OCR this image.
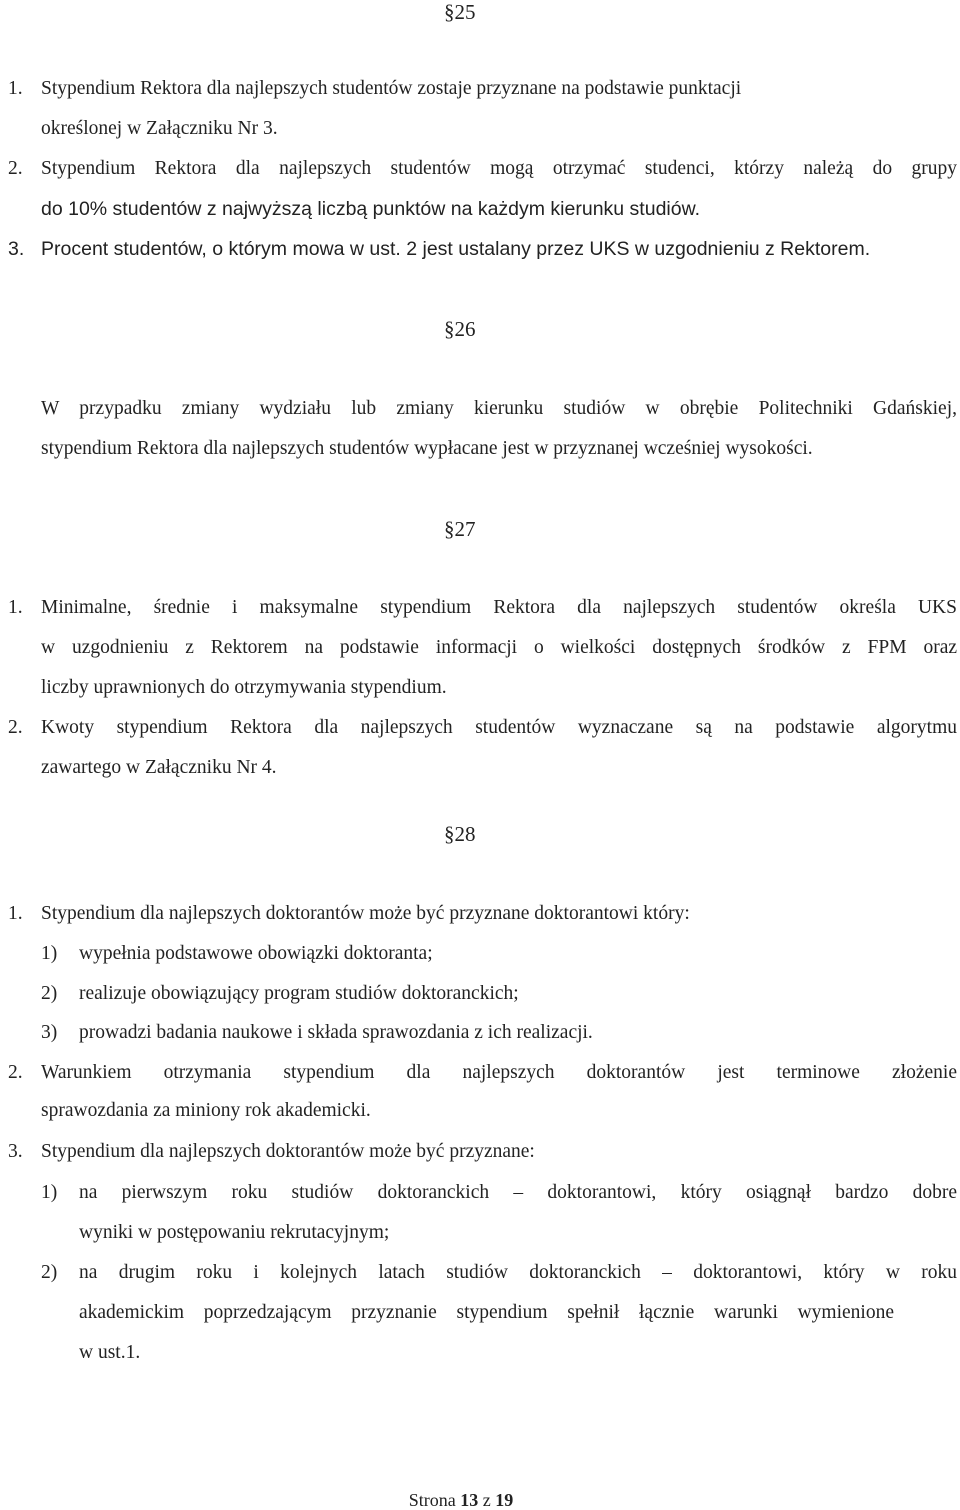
§25
1. Stypendium Rektora dla najlepszych studentów zostaje przyznane na podstawie punktacji
określonej w Załączniku Nr 3.
2. Stypendium Rektora dla najlepszych studentów mogą otrzymać studenci, którzy należą do grupy
do 10% studentów z najwyższą liczbą punktów na każdym kierunku studiów.
3. Procent studentów, o którym mowa w ust. 2 jest ustalany przez UKS w uzgodnieniu z Rektorem.
§26
W przypadku zmiany wydziału lub zmiany kierunku studiów w obrębie Politechniki Gdańskiej,
stypendium Rektora dla najlepszych studentów wypłacane jest w przyznanej wcześniej wysokości.
§27
1. Minimalne, średnie i maksymalne stypendium Rektora dla najlepszych studentów określa UKS
w uzgodnieniu z Rektorem na podstawie informacji o wielkości dostępnych środków z FPM oraz
liczby uprawnionych do otrzymywania stypendium.
2. Kwoty stypendium Rektora dla najlepszych studentów wyznaczane są na podstawie algorytmu
zawartego w Załączniku Nr 4.
§28
1. Stypendium dla najlepszych doktorantów może być przyznane doktorantowi który:
1) wypełnia podstawowe obowiązki doktoranta;
2) realizuje obowiązujący program studiów doktoranckich;
3) prowadzi badania naukowe i składa sprawozdania z ich realizacji.
2. Warunkiem otrzymania stypendium dla najlepszych doktorantów jest terminowe złożenie
sprawozdania za miniony rok akademicki.
3. Stypendium dla najlepszych doktorantów może być przyznane:
1) na pierwszym roku studiów doktoranckich – doktorantowi, który osiągnął bardzo dobre
wyniki w postępowaniu rekrutacyjnym;
2) na drugim roku i kolejnych latach studiów doktoranckich – doktorantowi, który w roku
akademickim poprzedzającym przyznanie stypendium spełnił łącznie warunki wymienione
w ust.1.
Strona 13 z 19
